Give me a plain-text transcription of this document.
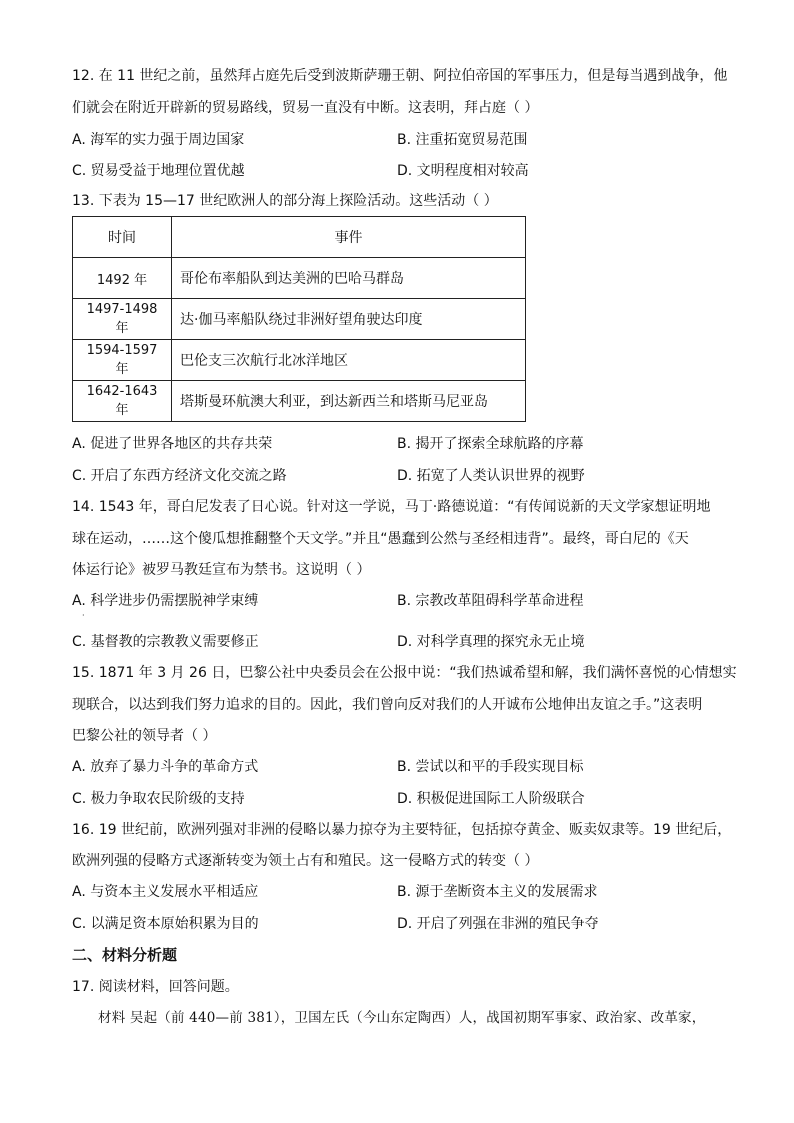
12. 在 11 世纪之前，虽然拜占庭先后受到波斯萨珊王朝、阿拉伯帝国的军事压力，但是每当遇到战争，他
们就会在附近开辟新的贸易路线，贸易一直没有中断。这表明，拜占庭（ ）
A. 海军的实力强于周边国家	B. 注重拓宽贸易范围
C. 贸易受益于地理位置优越	D. 文明程度相对较高
13. 下表为 15—17 世纪欧洲人的部分海上探险活动。这些活动（ ）
时间	事件
1492 年	哥伦布率船队到达美洲的巴哈马群岛
1497-1498 年	达·伽马率船队绕过非洲好望角驶达印度
1594-1597 年	巴伦支三次航行北冰洋地区
1642-1643 年	塔斯曼环航澳大利亚，到达新西兰和塔斯马尼亚岛
A. 促进了世界各地区的共存共荣	B. 揭开了探索全球航路的序幕
C. 开启了东西方经济文化交流之路	D. 拓宽了人类认识世界的视野
14. 1543 年，哥白尼发表了日心说。针对这一学说，马丁·路德说道：“有传闻说新的天文学家想证明地
球在运动，……这个傻瓜想推翻整个天文学。”并且“愚蠢到公然与圣经相违背”。最终，哥白尼的《天
体运行论》被罗马教廷宣布为禁书。这说明（ ）
A. 科学进步仍需摆脱神学束缚	B. 宗教改革阻碍科学革命进程
·
C. 基督教的宗教教义需要修正	D. 对科学真理的探究永无止境
15. 1871 年 3 月 26 日，巴黎公社中央委员会在公报中说：“我们热诚希望和解，我们满怀喜悦的心情想实
现联合，以达到我们努力追求的目的。因此，我们曾向反对我们的人开诚布公地伸出友谊之手。”这表明
巴黎公社的领导者（ ）
A. 放弃了暴力斗争的革命方式	B. 尝试以和平的手段实现目标
C. 极力争取农民阶级的支持	D. 积极促进国际工人阶级联合
16. 19 世纪前，欧洲列强对非洲的侵略以暴力掠夺为主要特征，包括掠夺黄金、贩卖奴隶等。19 世纪后，
欧洲列强的侵略方式逐渐转变为领土占有和殖民。这一侵略方式的转变（ ）
A. 与资本主义发展水平相适应	B. 源于垄断资本主义的发展需求
C. 以满足资本原始积累为目的	D. 开启了列强在非洲的殖民争夺
二、材料分析题
17. 阅读材料，回答问题。
材料 吴起（前 440—前 381），卫国左氏（今山东定陶西）人，战国初期军事家、政治家、改革家，
